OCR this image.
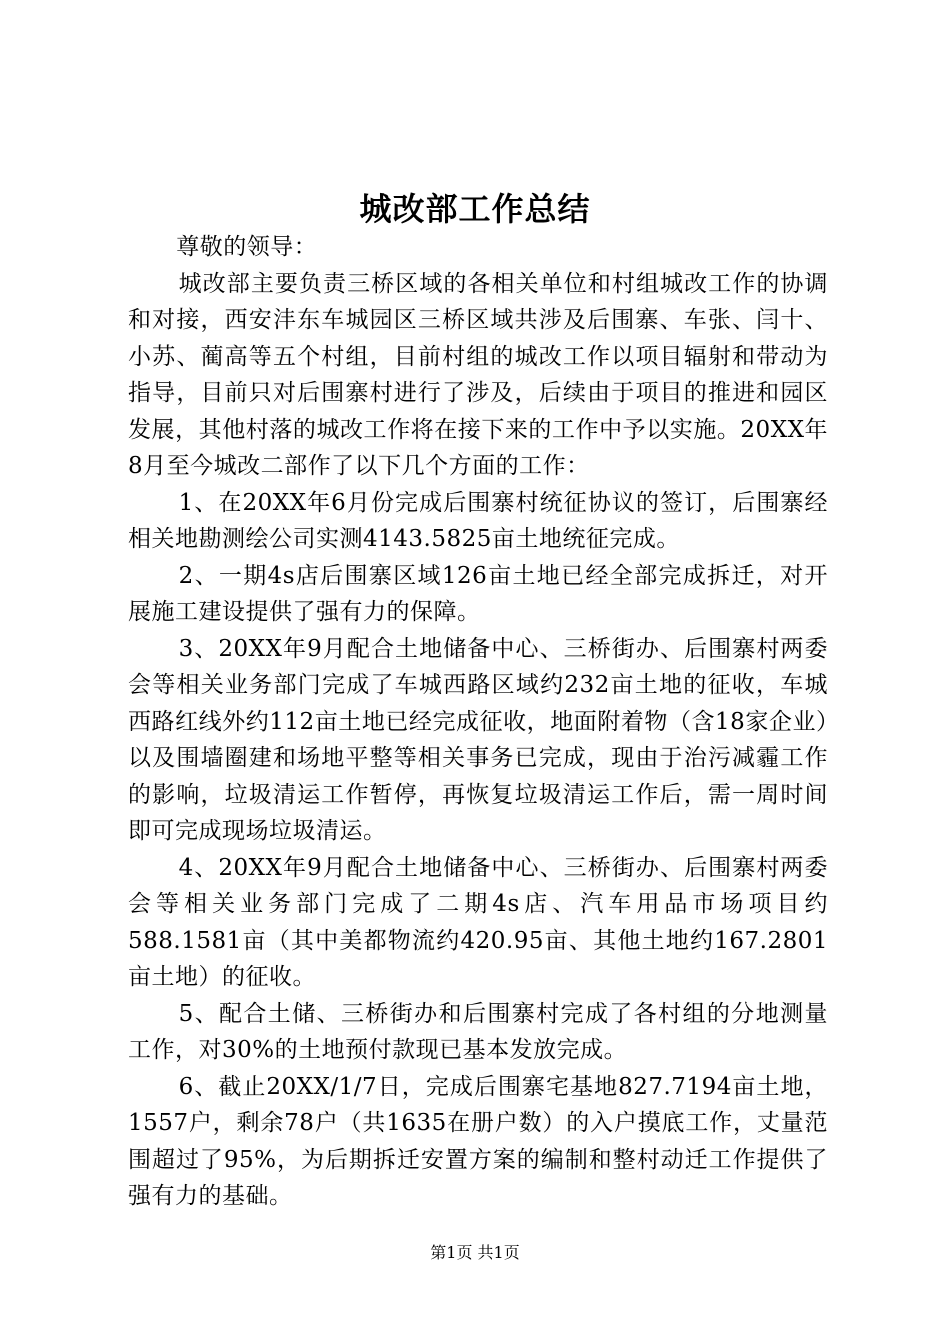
城改部工作总结

尊敬的领导：

城改部主要负责三桥区域的各相关单位和村组城改工作的协调和对接，西安沣东车城园区三桥区域共涉及后围寨、车张、闫十、小苏、蔺高等五个村组，目前村组的城改工作以项目辐射和带动为指导，目前只对后围寨村进行了涉及，后续由于项目的推进和园区发展，其他村落的城改工作将在接下来的工作中予以实施。20XX年8月至今城改二部作了以下几个方面的工作：

1、在20XX年6月份完成后围寨村统征协议的签订，后围寨经相关地勘测绘公司实测4143.5825亩土地统征完成。

2、一期4s店后围寨区域126亩土地已经全部完成拆迁，对开展施工建设提供了强有力的保障。

3、20XX年9月配合土地储备中心、三桥街办、后围寨村两委会等相关业务部门完成了车城西路区域约232亩土地的征收，车城西路红线外约112亩土地已经完成征收，地面附着物（含18家企业）以及围墙圈建和场地平整等相关事务已完成，现由于治污减霾工作的影响，垃圾清运工作暂停，再恢复垃圾清运工作后，需一周时间即可完成现场垃圾清运。

4、20XX年9月配合土地储备中心、三桥街办、后围寨村两委会等相关业务部门完成了二期4s店、汽车用品市场项目约588.1581亩（其中美都物流约420.95亩、其他土地约167.2801亩土地）的征收。

5、配合土储、三桥街办和后围寨村完成了各村组的分地测量工作，对30%的土地预付款现已基本发放完成。

6、截止20XX/1/7日，完成后围寨宅基地827.7194亩土地，1557户，剩余78户（共1635在册户数）的入户摸底工作，丈量范围超过了95%，为后期拆迁安置方案的编制和整村动迁工作提供了强有力的基础。

第1页 共1页
